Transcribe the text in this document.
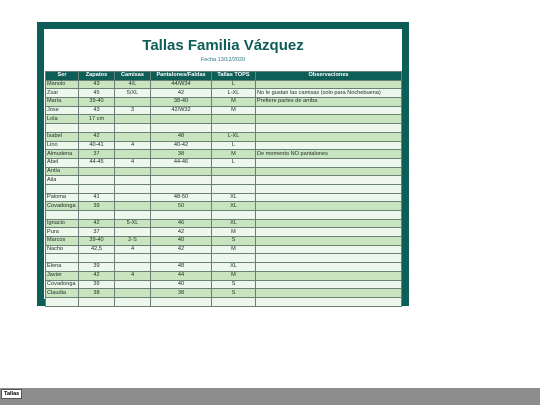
Tallas Familia Vázquez
Fecha 13/12/2020
Ser	Zapatos	Camisas	Pantalones/Faldas	Tallas TOPS	Observaciones
Manolo	43	4/L	44/W34	L	
Zsar	45	5/XL	42	L-XL	No le gustan las camisas (solo para Nochebuena)
María	39-40		38-40	M	Prefiere partes de arriba
Jose	43	3	42/W32	M	
Lola	17 cm				

Isabel	42		48	L-XL	
Lino	40-41	4	40-42	L	
Almudena	37		38	M	De momento NO pantalones
Abel	44-45	4	44-46	L	
Antía					
Aila					

Paloma	41		48-50	XL	
Covadonga	39		50	XL	

Ignacio	42	5-XL	46	XL	
Pura	37		42	M	
Marcos	39-40	2-S	40	S	
Nacho	42,5	4	42	M	

Elena	39		48	XL	
Javier	42	4	44	M	
Covadonga	39		40	S	
Claudia	38		38	S	

Tallas
